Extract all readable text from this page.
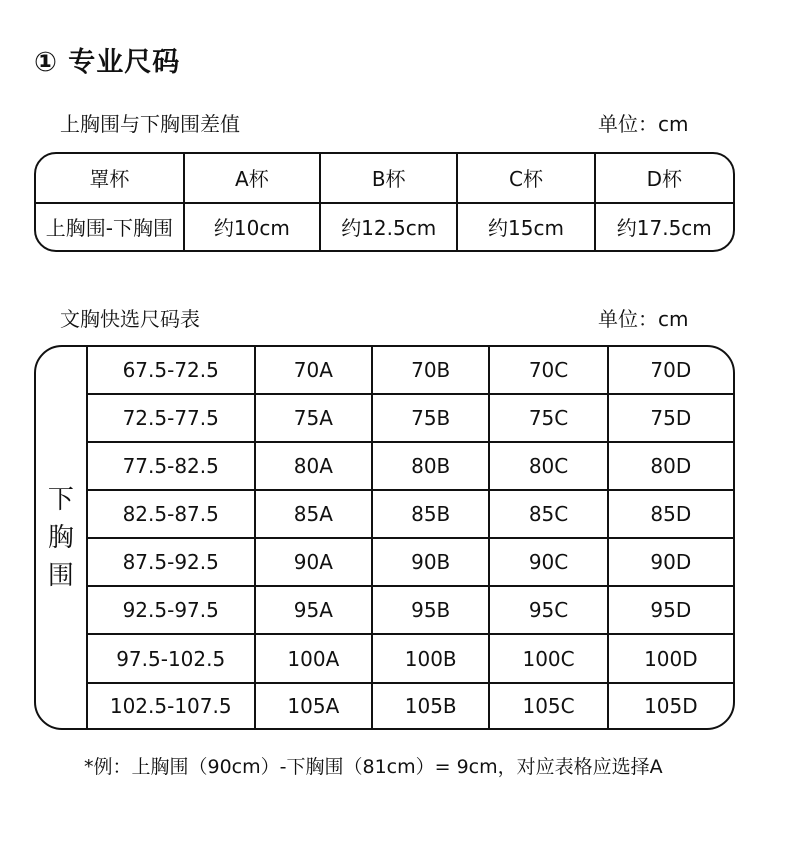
① 专业尺码
上胸围与下胸围差值	单位：cm
罩杯	A杯	B杯	C杯	D杯
上胸围-下胸围	约10cm	约12.5cm	约15cm	约17.5cm
文胸快选尺码表	单位：cm
下
胸
围	67.5-72.5	70A	70B	70C	70D
	72.5-77.5	75A	75B	75C	75D
	77.5-82.5	80A	80B	80C	80D
	82.5-87.5	85A	85B	85C	85D
	87.5-92.5	90A	90B	90C	90D
	92.5-97.5	95A	95B	95C	95D
	97.5-102.5	100A	100B	100C	100D
	102.5-107.5	105A	105B	105C	105D
*例：上胸围（90cm）-下胸围（81cm）= 9cm，对应表格应选择A
